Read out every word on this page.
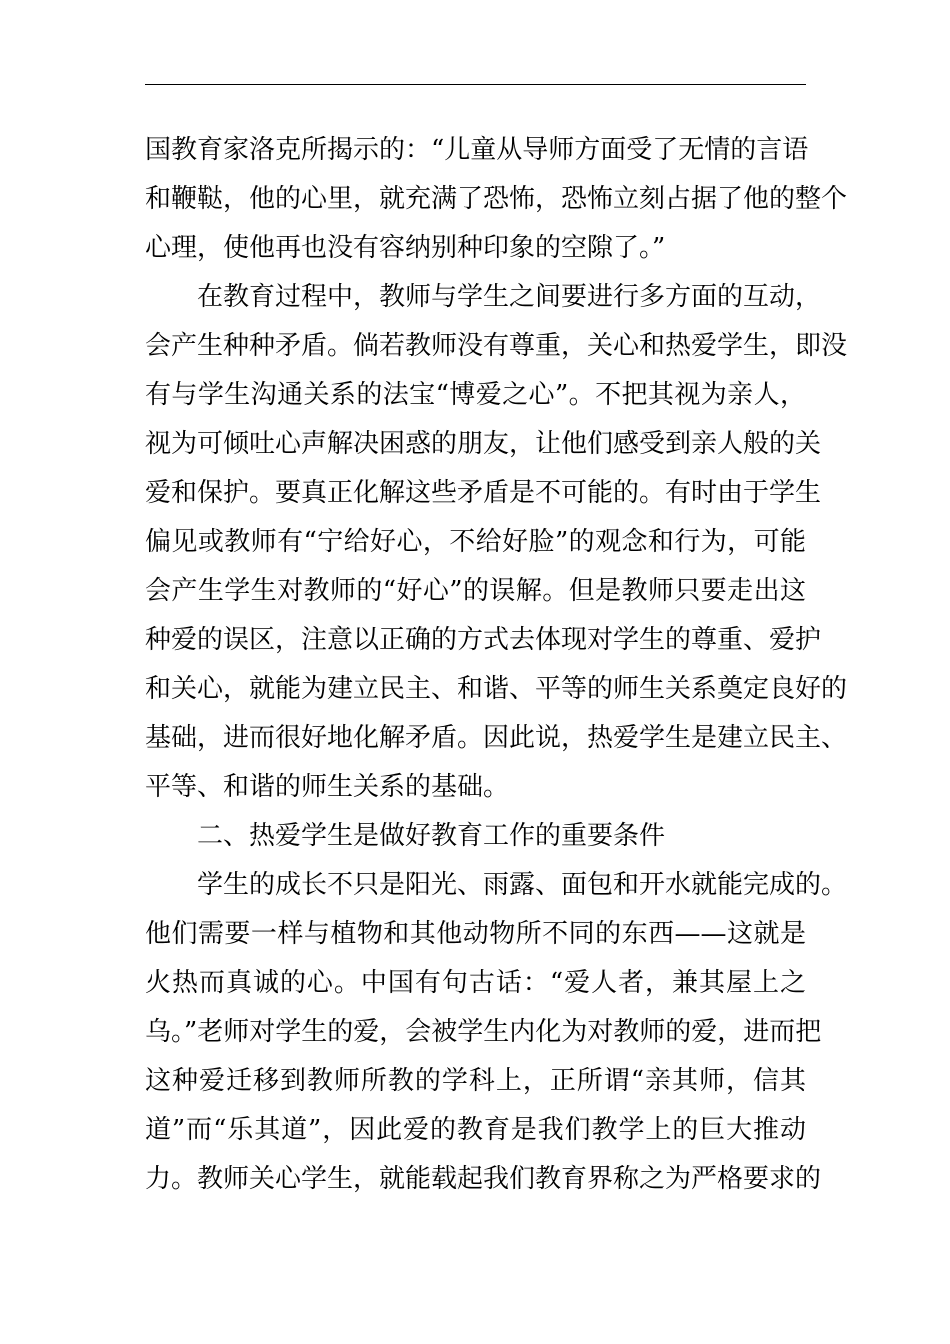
国教育家洛克所揭示的：“儿童从导师方面受了无情的言语
和鞭鞑，他的心里，就充满了恐怖，恐怖立刻占据了他的整个
心理，使他再也没有容纳别种印象的空隙了。”
在教育过程中，教师与学生之间要进行多方面的互动，
会产生种种矛盾。倘若教师没有尊重，关心和热爱学生，即没
有与学生沟通关系的法宝“博爱之心”。不把其视为亲人，
视为可倾吐心声解决困惑的朋友，让他们感受到亲人般的关
爱和保护。要真正化解这些矛盾是不可能的。有时由于学生
偏见或教师有“宁给好心，不给好脸”的观念和行为，可能
会产生学生对教师的“好心”的误解。但是教师只要走出这
种爱的误区，注意以正确的方式去体现对学生的尊重、爱护
和关心，就能为建立民主、和谐、平等的师生关系奠定良好的
基础，进而很好地化解矛盾。因此说，热爱学生是建立民主、
平等、和谐的师生关系的基础。
二、热爱学生是做好教育工作的重要条件
学生的成长不只是阳光、雨露、面包和开水就能完成的。
他们需要一样与植物和其他动物所不同的东西——这就是
火热而真诚的心。中国有句古话：“爱人者，兼其屋上之
乌。”老师对学生的爱，会被学生内化为对教师的爱，进而把
这种爱迁移到教师所教的学科上，正所谓“亲其师，信其
道”而“乐其道”，因此爱的教育是我们教学上的巨大推动
力。教师关心学生，就能载起我们教育界称之为严格要求的
